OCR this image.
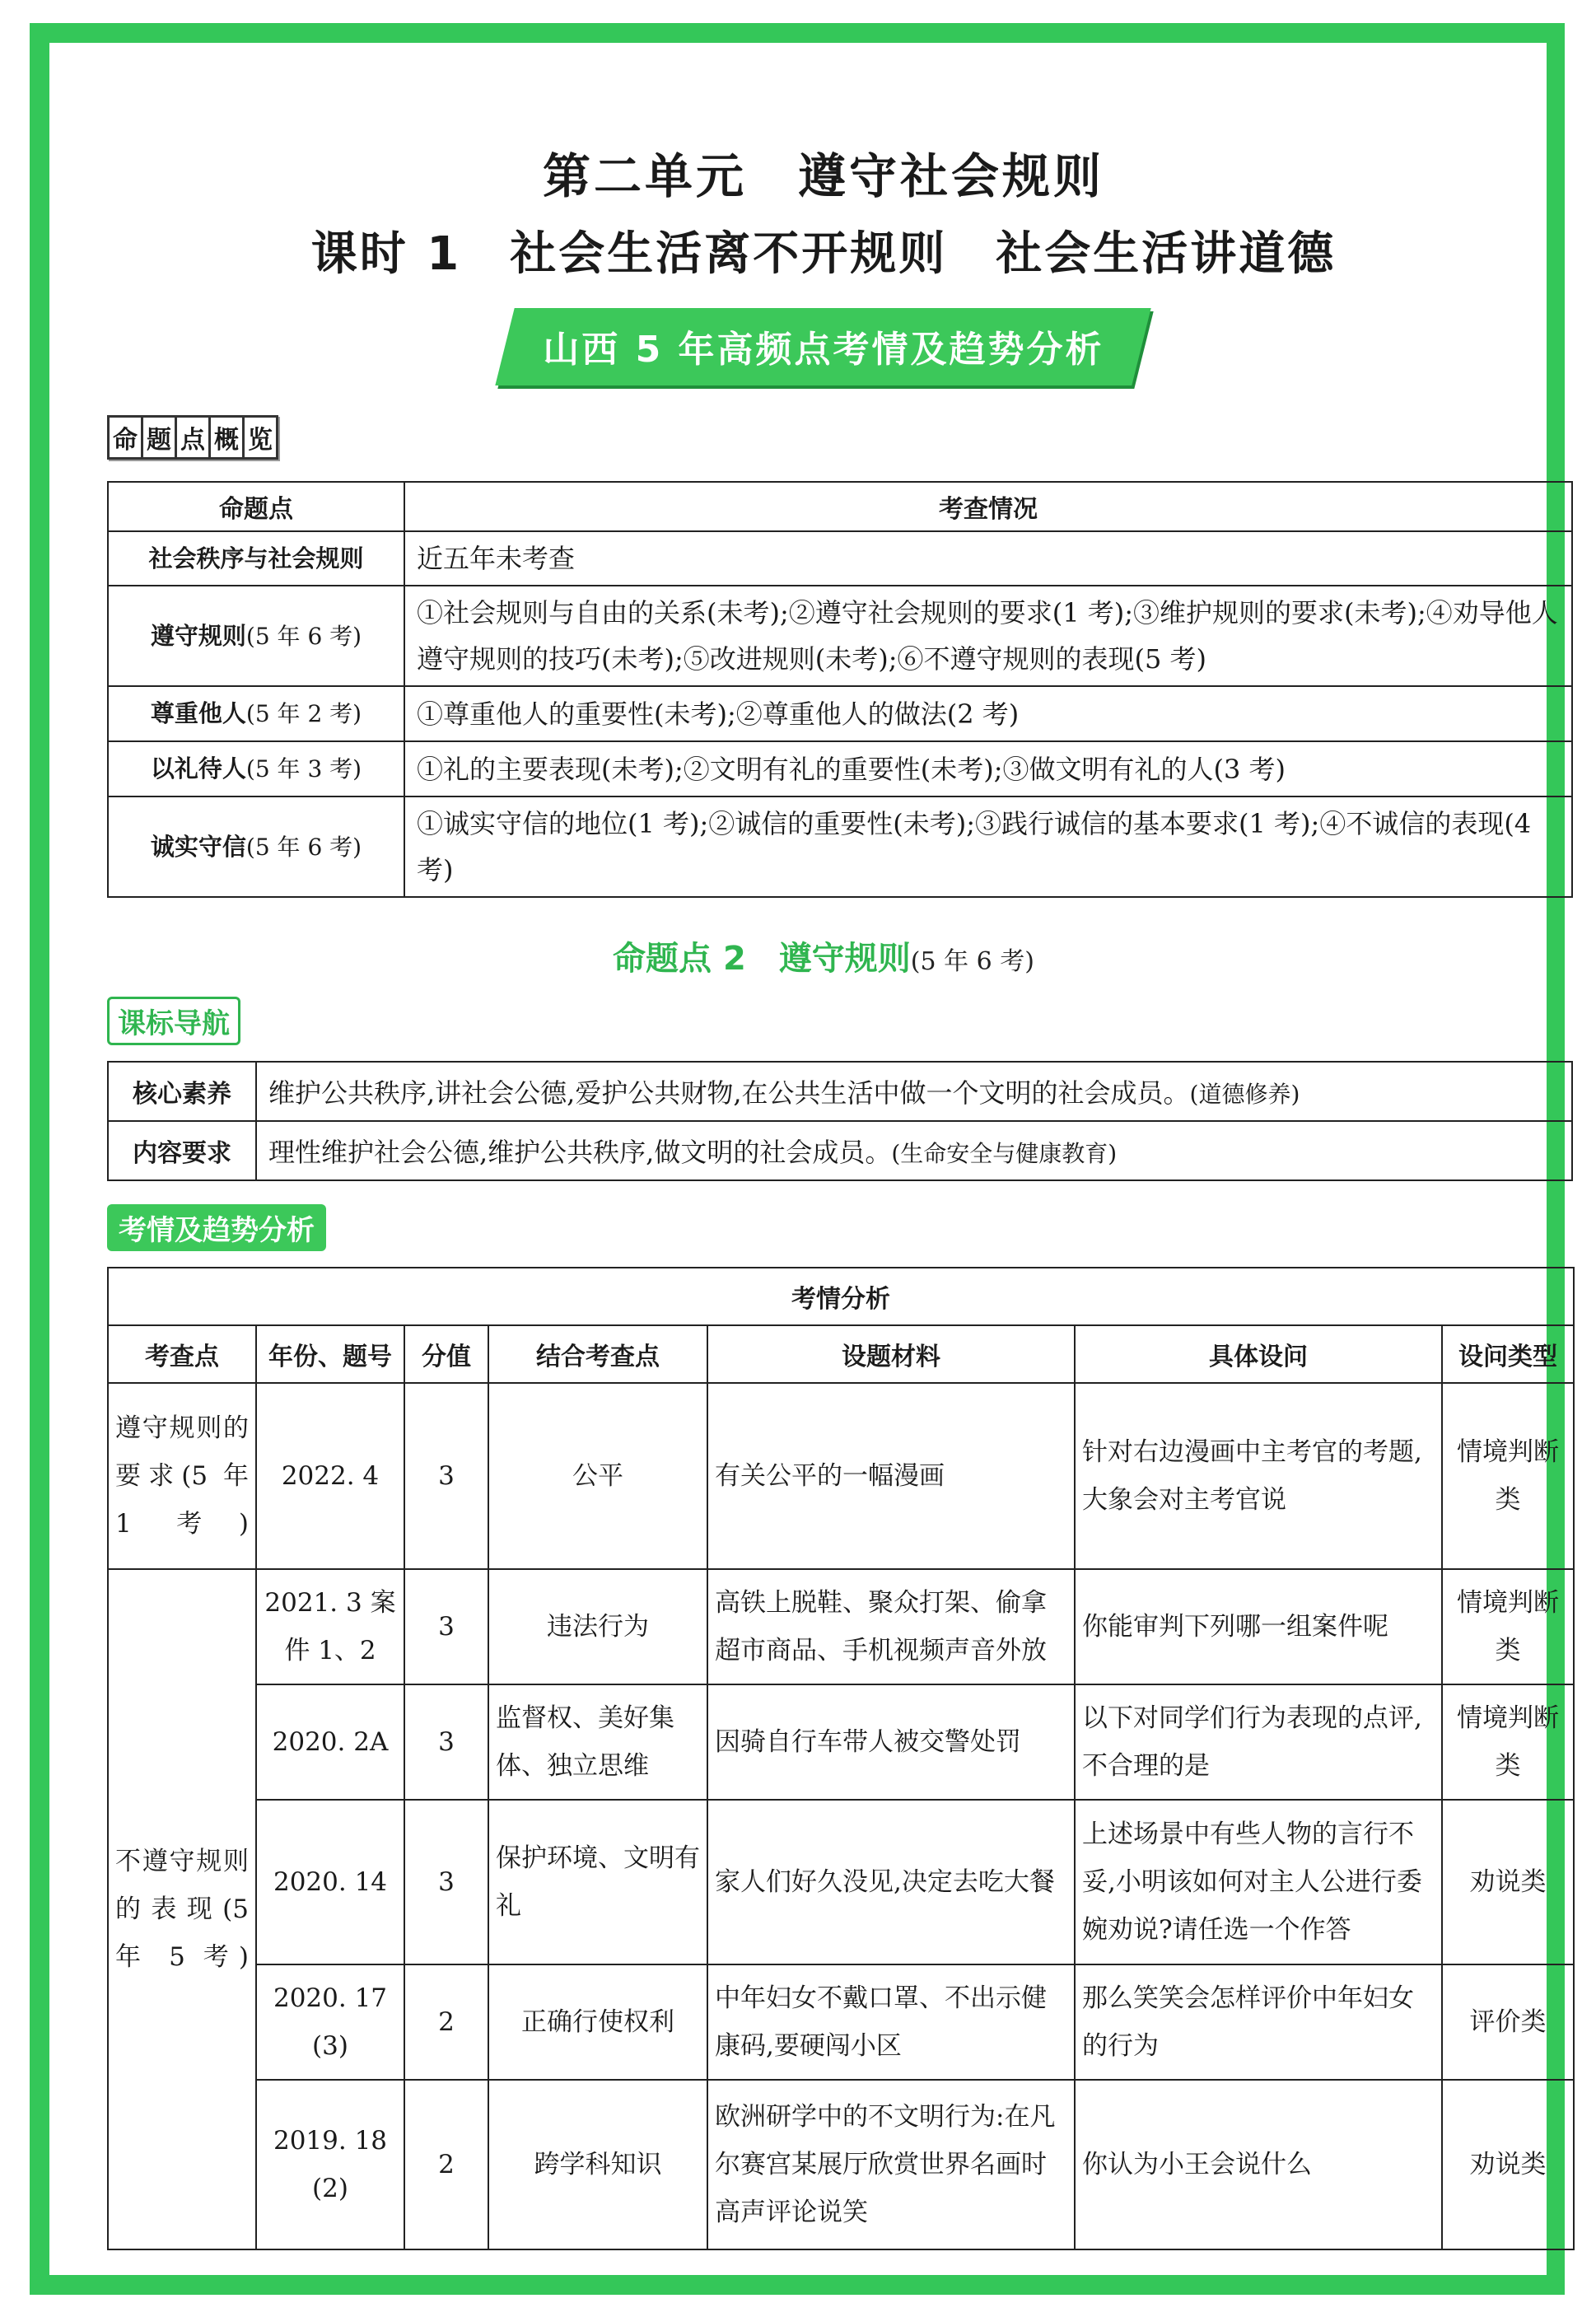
第二单元　遵守社会规则
课时 1　社会生活离不开规则　社会生活讲道德
山西 5 年高频点考情及趋势分析
命 题 点 概 览
命题点	考查情况
社会秩序与社会规则	近五年未考查
遵守规则(5 年 6 考)	①社会规则与自由的关系(未考);②遵守社会规则的要求(1 考);③维护规则的要求(未考);④劝导他人遵守规则的技巧(未考);⑤改进规则(未考);⑥不遵守规则的表现(5 考)
尊重他人(5 年 2 考)	①尊重他人的重要性(未考);②尊重他人的做法(2 考)
以礼待人(5 年 3 考)	①礼的主要表现(未考);②文明有礼的重要性(未考);③做文明有礼的人(3 考)
诚实守信(5 年 6 考)	①诚实守信的地位(1 考);②诚信的重要性(未考);③践行诚信的基本要求(1 考);④不诚信的表现(4 考)
命题点 2　遵守规则(5 年 6 考)
课标导航
核心素养	维护公共秩序,讲社会公德,爱护公共财物,在公共生活中做一个文明的社会成员。(道德修养)
内容要求	理性维护社会公德,维护公共秩序,做文明的社会成员。(生命安全与健康教育)
考情及趋势分析
考情分析						
考查点	年份、题号	分值	结合考查点	设题材料	具体设问	设问类型
遵守规则的要求(5 年 1 考)	2022. 4	3	公平	有关公平的一幅漫画	针对右边漫画中主考官的考题,大象会对主考官说	情境判断类
不遵守规则的表现(5 年 5 考)	2021. 3 案件 1、2	3	违法行为	高铁上脱鞋、聚众打架、偷拿超市商品、手机视频声音外放	你能审判下列哪一组案件呢	情境判断类
	2020. 2A	3	监督权、美好集体、独立思维	因骑自行车带人被交警处罚	以下对同学们行为表现的点评,不合理的是	情境判断类
	2020. 14	3	保护环境、文明有礼	家人们好久没见,决定去吃大餐	上述场景中有些人物的言行不妥,小明该如何对主人公进行委婉劝说?请任选一个作答	劝说类
	2020. 17 (3)	2	正确行使权利	中年妇女不戴口罩、不出示健康码,要硬闯小区	那么笑笑会怎样评价中年妇女的行为	评价类
	2019. 18 (2)	2	跨学科知识	欧洲研学中的不文明行为:在凡尔赛宫某展厅欣赏世界名画时高声评论说笑	你认为小王会说什么	劝说类
